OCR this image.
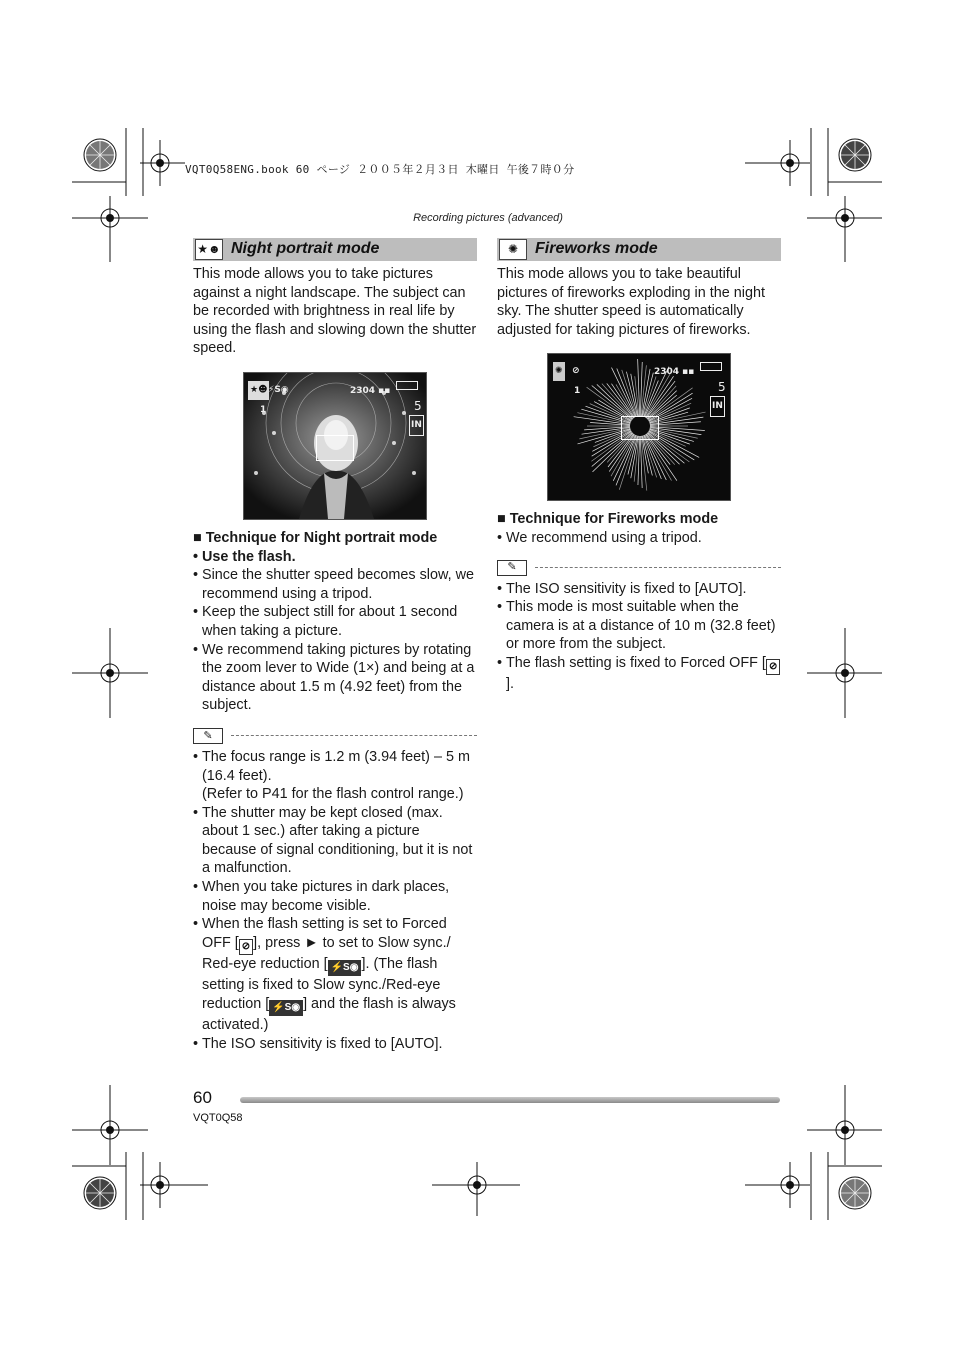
VQT0Q58ENG.book 60 ページ ２００５年２月３日 木曜日 午後７時０分
Recording pictures (advanced)
★☻ Night portrait mode

This mode allows you to take pictures against a night landscape. The subject can be recorded with brightness in real life by using the flash and slowing down the shutter speed.

★☻ ⚡S◉	2304 ▪▪
1	5
IN

■ Technique for Night portrait mode

• Use the flash.
• Since the shutter speed becomes slow, we recommend using a tripod.
• Keep the subject still for about 1 second when taking a picture.
• We recommend taking pictures by rotating the zoom lever to Wide (1×) and being at a distance about 1.5 m (4.92 feet) from the subject.
✎
• The focus range is 1.2 m (3.94 feet) – 5 m (16.4 feet).
(Refer to P41 for the flash control range.)
• The shutter may be kept closed (max. about 1 sec.) after taking a picture because of signal conditioning, but it is not a malfunction.
• When you take pictures in dark places, noise may become visible.
• When the flash setting is set to Forced OFF [ ⊘ ], press ► to set to Slow sync./ Red-eye reduction [ ⚡S◉ ]. (The flash setting is fixed to Slow sync./Red-eye reduction [ ⚡S◉ ] and the flash is always activated.)
• The ISO sensitivity is fixed to [AUTO].
✺	Fireworks mode

This mode allows you to take beautiful pictures of fireworks exploding in the night sky. The shutter speed is automatically adjusted for taking pictures of fireworks.

✺ ⊘	2304 ▪▪
1	5
IN

■ Technique for Fireworks mode

• We recommend using a tripod.
✎
• The ISO sensitivity is fixed to [AUTO].
• This mode is most suitable when the camera is at a distance of 10 m (32.8 feet) or more from the subject.
• The flash setting is fixed to Forced OFF [ ⊘].
60
VQT0Q58
